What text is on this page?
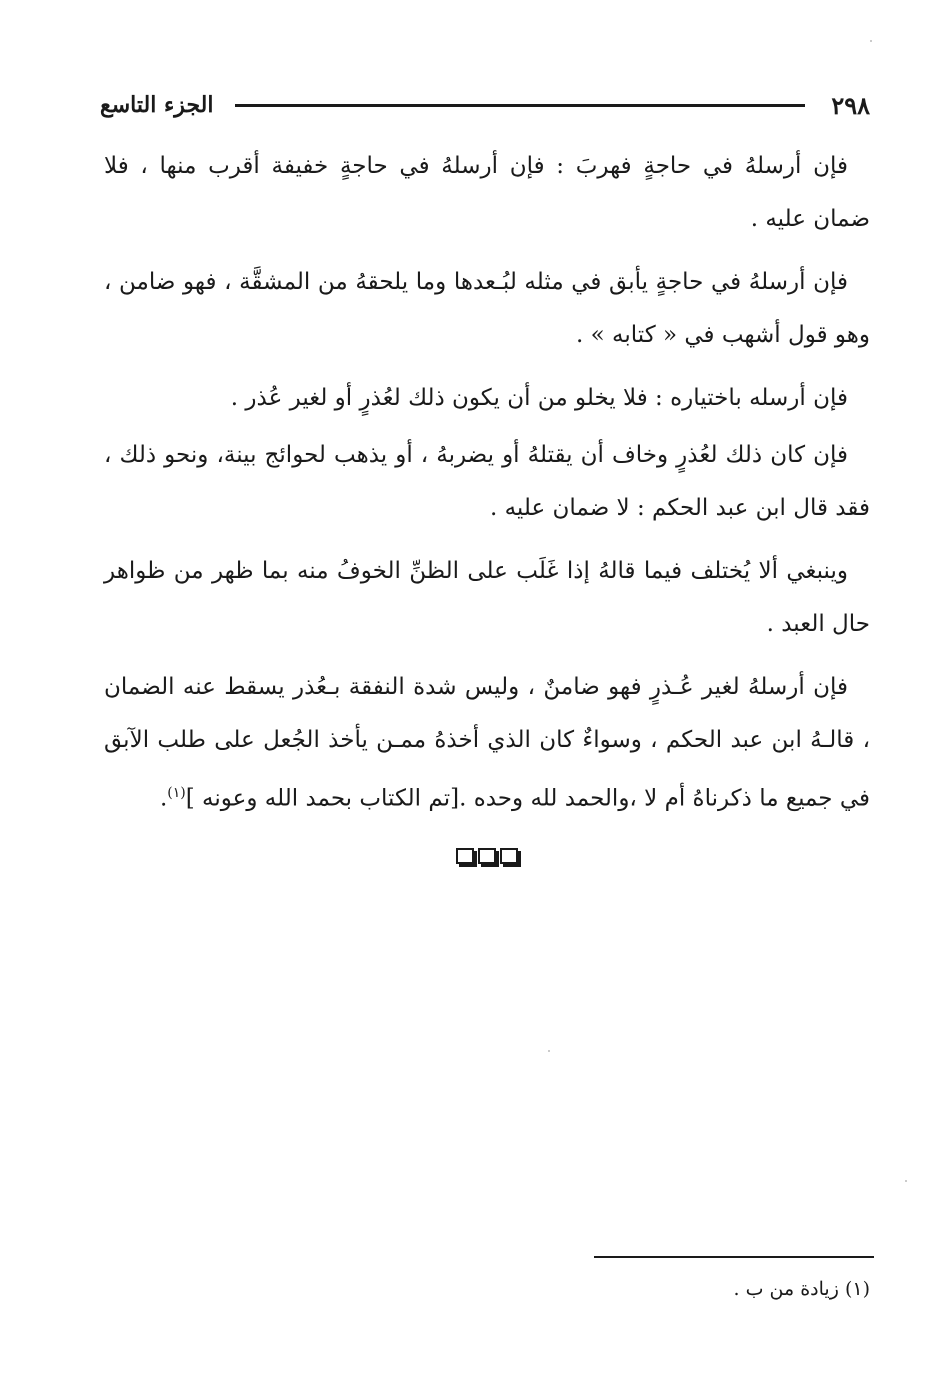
٢٩٨
الجزء التاسع

فإن أرسلهُ في حاجةٍ فهربَ : فإن أرسلهُ في حاجةٍ خفيفة أقرب منها ، فلا ضمان عليه .

فإن أرسلهُ في حاجةٍ يأبق في مثله لبُـعدها وما يلحقهُ من المشقَّة ، فهو ضامن ، وهو قول أشهب في « كتابه » .

فإن أرسله باختياره : فلا يخلو من أن يكون ذلك لعُذرٍ أو لغير عُذر .

فإن كان ذلك لعُذرٍ وخاف أن يقتلهُ أو يضربهُ ، أو يذهب لحوائج بينة، ونحو ذلك ، فقد قال ابن عبد الحكم : لا ضمان عليه .

وينبغي ألا يُختلف فيما قالهُ إذا غَلَب على الظنِّ الخوفُ منه بما ظهر من ظواهر حال العبد .

فإن أرسلهُ لغير عُـذرٍ فهو ضامنٌ ، وليس شدة النفقة بـعُذر يسقط عنه الضمان ، قالـهُ ابن عبد الحكم ، وسواءٌ كان الذي أخذهُ ممـن يأخذ الجُعل على طلب الآبق في جميع ما ذكرناهُ أم لا ،والحمد لله وحده .[تم الكتاب بحمد الله وعونه ]$^{(١)}$.

(١) زيادة من ب .
